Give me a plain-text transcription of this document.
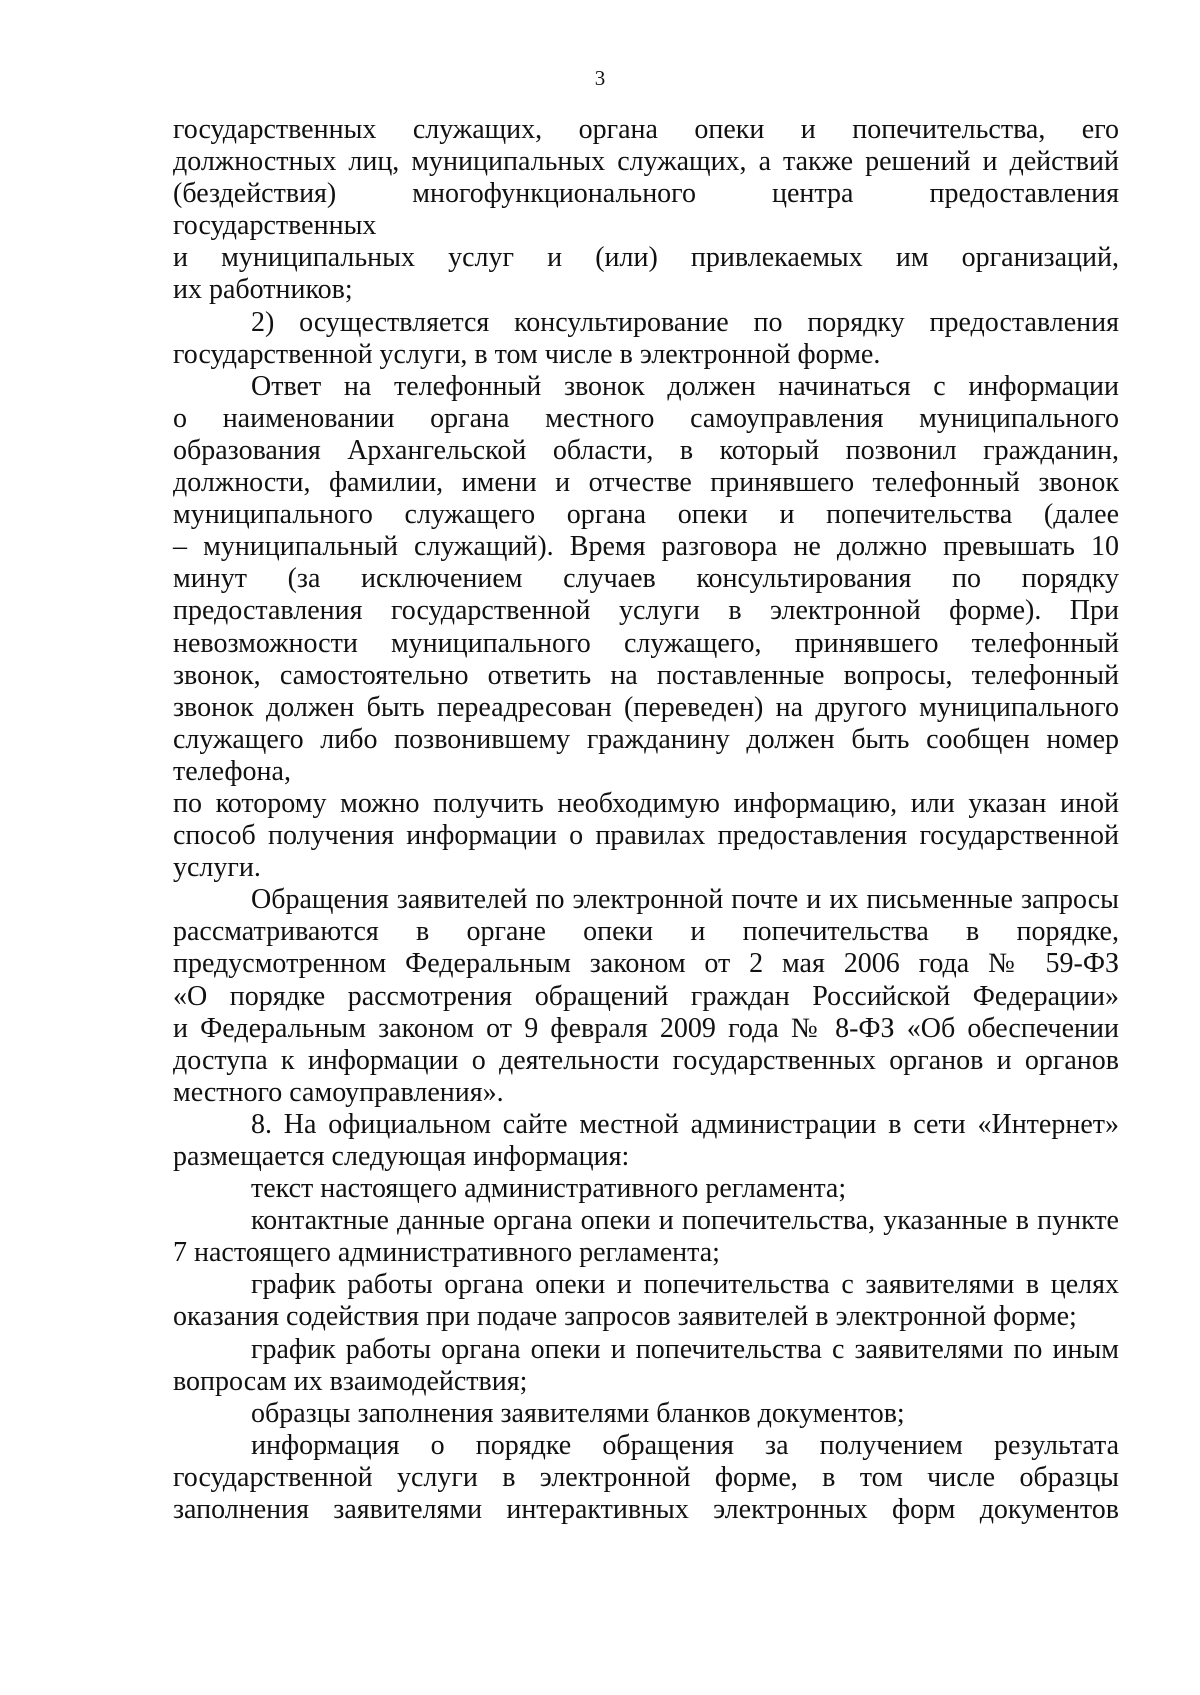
3
государственных служащих, органа опеки и попечительства, его
должностных лиц, муниципальных служащих, а также решений и действий
(бездействия) многофункционального центра предоставления
государственных
и муниципальных услуг и (или) привлекаемых им организаций,
их работников;
2) осуществляется консультирование по порядку предоставления
государственной услуги, в том числе в электронной форме.
Ответ на телефонный звонок должен начинаться с информации
о наименовании органа местного самоуправления муниципального
образования Архангельской области, в который позвонил гражданин,
должности, фамилии, имени и отчестве принявшего телефонный звонок
муниципального служащего органа опеки и попечительства (далее
– муниципальный служащий). Время разговора не должно превышать 10
минут (за исключением случаев консультирования по порядку
предоставления государственной услуги в электронной форме). При
невозможности муниципального служащего, принявшего телефонный
звонок, самостоятельно ответить на поставленные вопросы, телефонный
звонок должен быть переадресован (переведен) на другого муниципального
служащего либо позвонившему гражданину должен быть сообщен номер
телефона,
по которому можно получить необходимую информацию, или указан иной
способ получения информации о правилах предоставления государственной
услуги.
Обращения заявителей по электронной почте и их письменные запросы
рассматриваются в органе опеки и попечительства в порядке,
предусмотренном Федеральным законом от 2 мая 2006 года № 59-ФЗ
«О порядке рассмотрения обращений граждан Российской Федерации»
и Федеральным законом от 9 февраля 2009 года № 8-ФЗ «Об обеспечении
доступа к информации о деятельности государственных органов и органов
местного самоуправления».
8. На официальном сайте местной администрации в сети «Интернет»
размещается следующая информация:
текст настоящего административного регламента;
контактные данные органа опеки и попечительства, указанные в пункте
7 настоящего административного регламента;
график работы органа опеки и попечительства с заявителями в целях
оказания содействия при подаче запросов заявителей в электронной форме;
график работы органа опеки и попечительства с заявителями по иным
вопросам их взаимодействия;
образцы заполнения заявителями бланков документов;
информация о порядке обращения за получением результата
государственной услуги в электронной форме, в том числе образцы
заполнения заявителями интерактивных электронных форм документов
